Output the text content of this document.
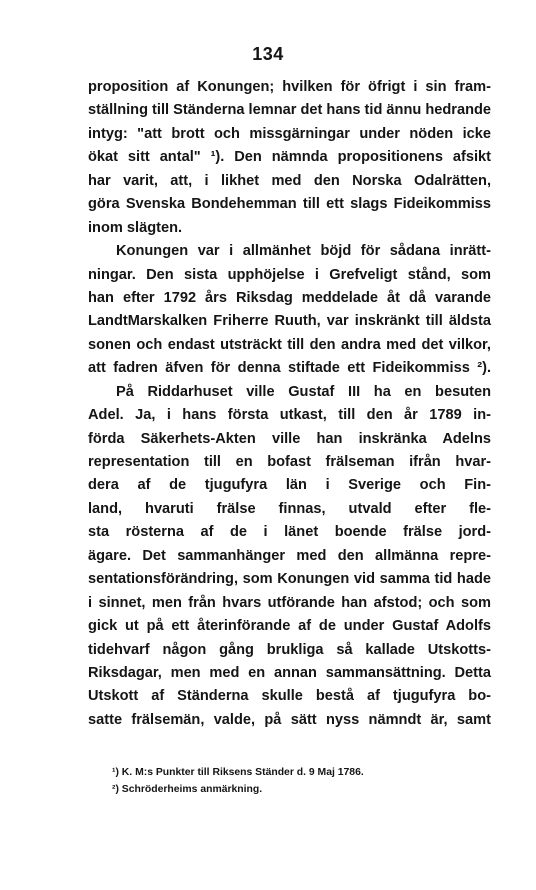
134
proposition af Konungen; hvilken för öfrigt i sin fram-
ställning till Ständerna lemnar det hans tid ännu hedrande
intyg: "att brott och missgärningar under nöden icke
ökat sitt antal" ¹). Den nämnda propositionens afsikt
har varit, att, i likhet med den Norska Odalrätten,
göra Svenska Bondehemman till ett slags Fideikommiss
inom slägten.
Konungen var i allmänhet böjd för sådana inrätt-
ningar. Den sista upphöjelse i Grefveligt stånd, som
han efter 1792 års Riksdag meddelade åt då varande
LandtMarskalken Friherre Ruuth, var inskränkt till äldsta
sonen och endast utsträckt till den andra med det vilkor,
att fadren äfven för denna stiftade ett Fideikommiss ²).
På Riddarhuset ville Gustaf III ha en besuten
Adel. Ja, i hans första utkast, till den år 1789 in-
förda Säkerhets-Akten ville han inskränka Adelns
representation till en bofast frälseman ifrån hvar-
dera af de tjugufyra län i Sverige och Fin-
land, hvaruti frälse finnas, utvald efter fle-
sta rösterna af de i länet boende frälse jord-
ägare. Det sammanhänger med den allmänna repre-
sentationsförändring, som Konungen vid samma tid hade
i sinnet, men från hvars utförande han afstod; och som
gick ut på ett återinförande af de under Gustaf Adolfs
tidehvarf någon gång brukliga så kallade Utskotts-
Riksdagar, men med en annan sammansättning. Detta
Utskott af Ständerna skulle bestå af tjugufyra bo-
satte frälsemän, valde, på sätt nyss nämndt är, samt
¹) K. M:s Punkter till Riksens Ständer d. 9 Maj 1786.
²) Schröderheims anmärkning.
